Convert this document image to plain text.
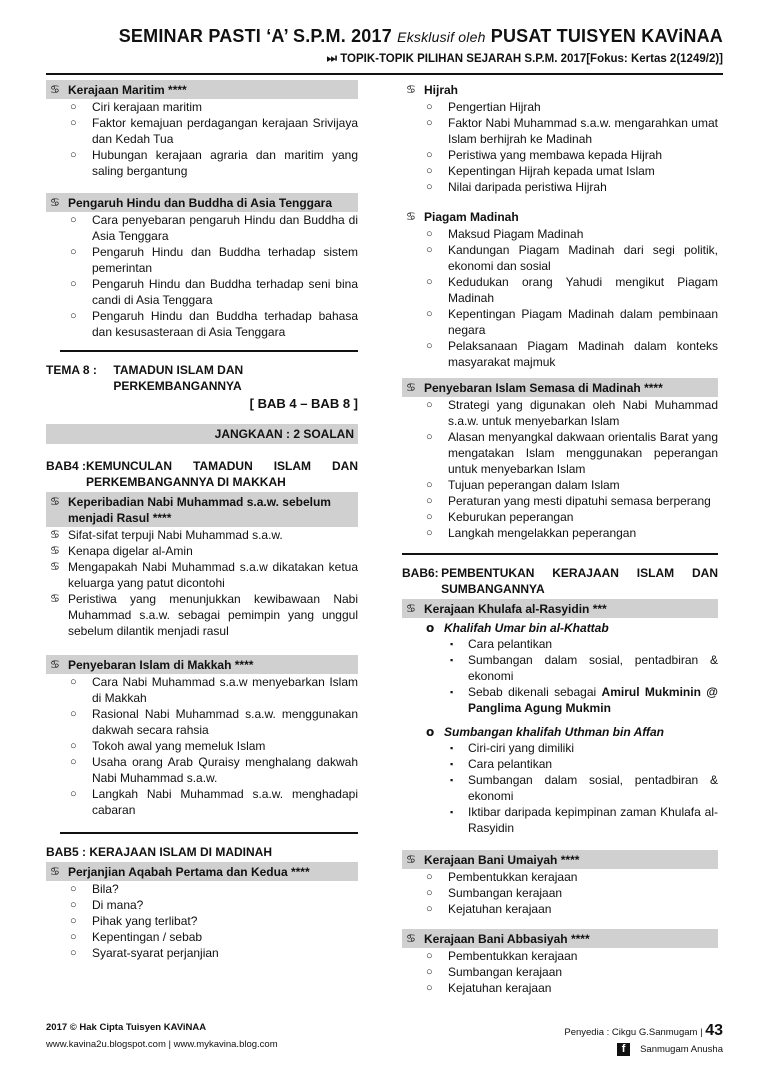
SEMINAR PASTI ‘A’ S.P.M. 2017 Eksklusif oleh PUSAT TUISYEN KAViNAA
⏭ TOPIK-TOPIK PILIHAN SEJARAH S.P.M. 2017[Fokus: Kertas 2(1249/2)]
♋ Kerajaan Maritim ****
○ Ciri kerajaan maritim
○ Faktor kemajuan perdagangan kerajaan Srivijaya dan Kedah Tua
○ Hubungan kerajaan agraria dan maritim yang saling bergantung
♋ Pengaruh Hindu dan Buddha di Asia Tenggara
○ Cara penyebaran pengaruh Hindu dan Buddha di Asia Tenggara
○ Pengaruh Hindu dan Buddha terhadap sistem pemerintan
○ Pengaruh Hindu dan Buddha terhadap seni bina candi di Asia Tenggara
○ Pengaruh Hindu dan Buddha terhadap bahasa dan kesusasteraan di Asia Tenggara
TEMA 8 :	TAMADUN ISLAM DAN PERKEMBANGANNYA
[ BAB 4 – BAB 8 ]
JANGKAAN : 2 SOALAN
BAB4 : KEMUNCULAN TAMADUN ISLAM DAN PERKEMBANGANNYA DI MAKKAH
♋ Keperibadian Nabi Muhammad s.a.w. sebelum menjadi Rasul ****
♋ Sifat-sifat terpuji Nabi Muhammad s.a.w.
♋ Kenapa digelar al-Amin
♋ Mengapakah Nabi Muhammad s.a.w dikatakan ketua keluarga yang patut dicontohi
♋ Peristiwa yang menunjukkan kewibawaan Nabi Muhammad s.a.w. sebagai pemimpin yang unggul sebelum dilantik menjadi rasul
♋ Penyebaran Islam di Makkah ****
○ Cara Nabi Muhammad s.a.w menyebarkan Islam di Makkah
○ Rasional Nabi Muhammad s.a.w. menggunakan dakwah secara rahsia
○ Tokoh awal yang memeluk Islam
○ Usaha orang Arab Quraisy menghalang dakwah Nabi Muhammad s.a.w.
○ Langkah Nabi Muhammad s.a.w. menghadapi cabaran
BAB5 : KERAJAAN ISLAM DI MADINAH
♋ Perjanjian Aqabah Pertama dan Kedua ****
○ Bila?
○ Di mana?
○ Pihak yang terlibat?
○ Kepentingan / sebab
○ Syarat-syarat perjanjian
♋ Hijrah
○ Pengertian Hijrah
○ Faktor Nabi Muhammad s.a.w. mengarahkan umat Islam berhijrah ke Madinah
○ Peristiwa yang membawa kepada Hijrah
○ Kepentingan Hijrah kepada umat Islam
○ Nilai daripada peristiwa Hijrah
♋ Piagam Madinah
○ Maksud Piagam Madinah
○ Kandungan Piagam Madinah dari segi politik, ekonomi dan sosial
○ Kedudukan orang Yahudi mengikut Piagam Madinah
○ Kepentingan Piagam Madinah dalam pembinaan negara
○ Pelaksanaan Piagam Madinah dalam konteks masyarakat majmuk
♋ Penyebaran Islam Semasa di Madinah ****
○ Strategi yang digunakan oleh Nabi Muhammad s.a.w. untuk menyebarkan Islam
○ Alasan menyangkal dakwaan orientalis Barat yang mengatakan Islam menggunakan peperangan untuk menyebarkan Islam
○ Tujuan peperangan dalam Islam
○ Peraturan yang mesti dipatuhi semasa berperang
○ Keburukan peperangan
○ Langkah mengelakkan peperangan
BAB6: PEMBENTUKAN KERAJAAN ISLAM DAN SUMBANGANNYA
♋ Kerajaan Khulafa al-Rasyidin ***
օ Khalifah Umar bin al-Khattab
▪ Cara pelantikan
▪ Sumbangan dalam sosial, pentadbiran & ekonomi
▪ Sebab dikenali sebagai Amirul Mukminin @ Panglima Agung Mukmin
օ Sumbangan khalifah Uthman bin Affan
▪ Ciri-ciri yang dimiliki
▪ Cara pelantikan
▪ Sumbangan dalam sosial, pentadbiran & ekonomi
▪ Iktibar daripada kepimpinan zaman Khulafa al-Rasyidin
♋ Kerajaan Bani Umaiyah ****
○ Pembentukkan kerajaan
○ Sumbangan kerajaan
○ Kejatuhan kerajaan
♋ Kerajaan Bani Abbasiyah ****
○ Pembentukkan kerajaan
○ Sumbangan kerajaan
○ Kejatuhan kerajaan
2017 © Hak Cipta Tuisyen KAViNAA
www.kavina2u.blogspot.com | www.mykavina.blog.com
Penyedia : Cikgu G.Sanmugam | 43
f Sanmugam Anusha
